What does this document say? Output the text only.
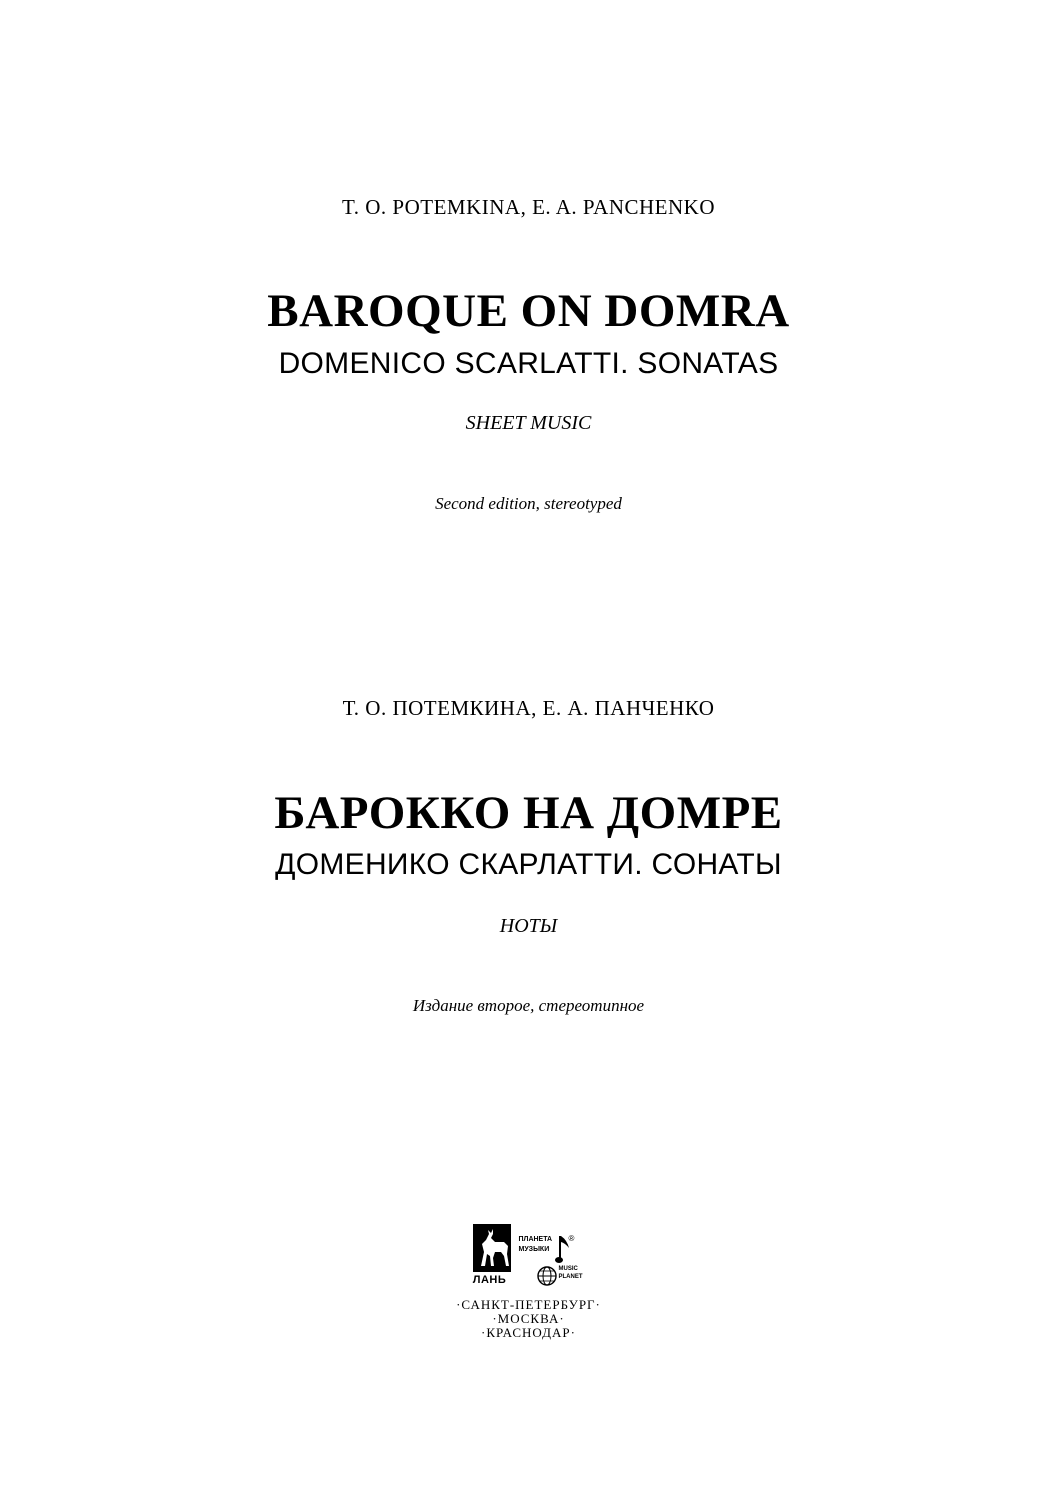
T. O. POTEMKINA, E. A. PANCHENKO
BAROQUE ON DOMRA
DOMENICO SCARLATTI. SONATAS
SHEET MUSIC
Second edition, stereotyped
Т. О. ПОТЕМКИНА, Е. А. ПАНЧЕНКО
БАРОККО НА ДОМРЕ
ДОМЕНИКО СКАРЛАТТИ. СОНАТЫ
НОТЫ
Издание второе, стереотипное
ЛАНЬ
ПЛАНЕТА
МУЗЫКИ
®
MUSIC
PLANET
·САНКТ-ПЕТЕРБУРГ·
·МОСКВА·
·КРАСНОДАР·
